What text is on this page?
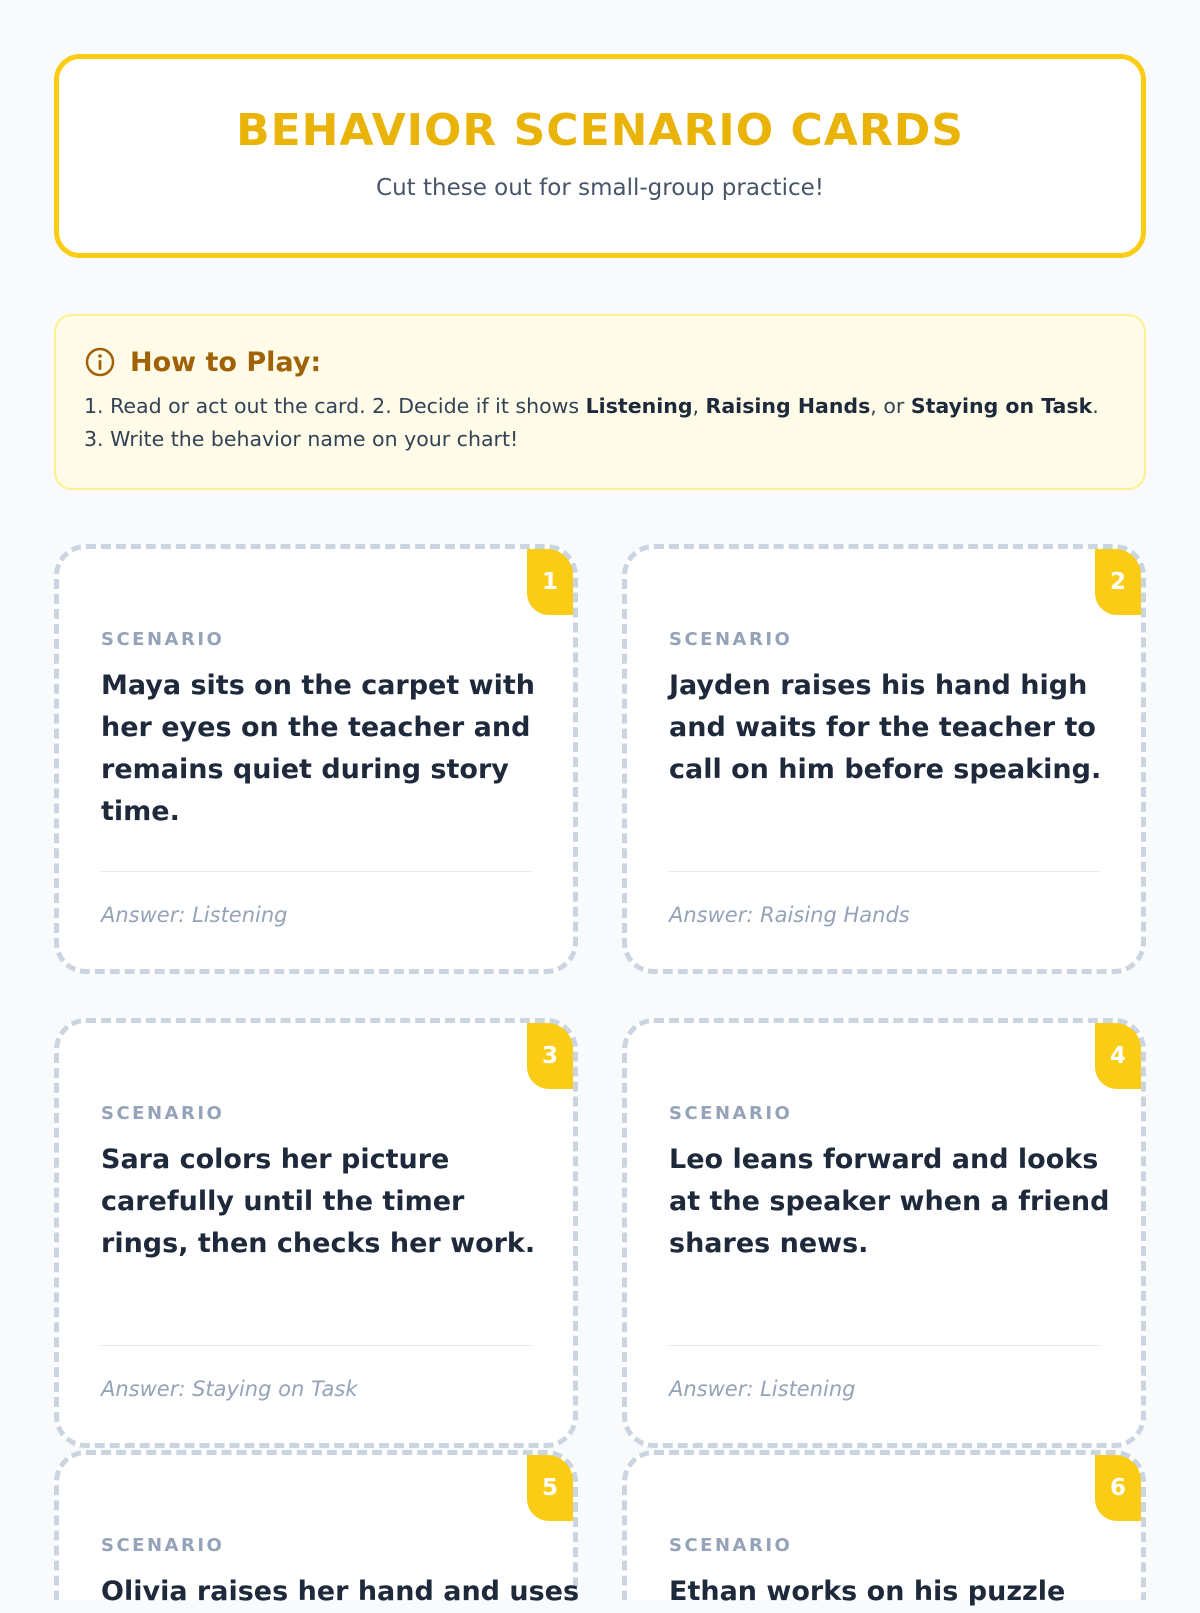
BEHAVIOR SCENARIO CARDS
Cut these out for small-group practice!
How to Play:
1. Read or act out the card. 2. Decide if it shows Listening, Raising Hands, or Staying on Task. 3. Write the behavior name on your chart!
1
SCENARIO
Maya sits on the carpet with her eyes on the teacher and remains quiet during story time.
Answer: Listening
2
SCENARIO
Jayden raises his hand high and waits for the teacher to call on him before speaking.
Answer: Raising Hands
3
SCENARIO
Sara colors her picture carefully until the timer rings, then checks her work.
Answer: Staying on Task
4
SCENARIO
Leo leans forward and looks at the speaker when a friend shares news.
Answer: Listening
5
SCENARIO
Olivia raises her hand and uses
6
SCENARIO
Ethan works on his puzzle
